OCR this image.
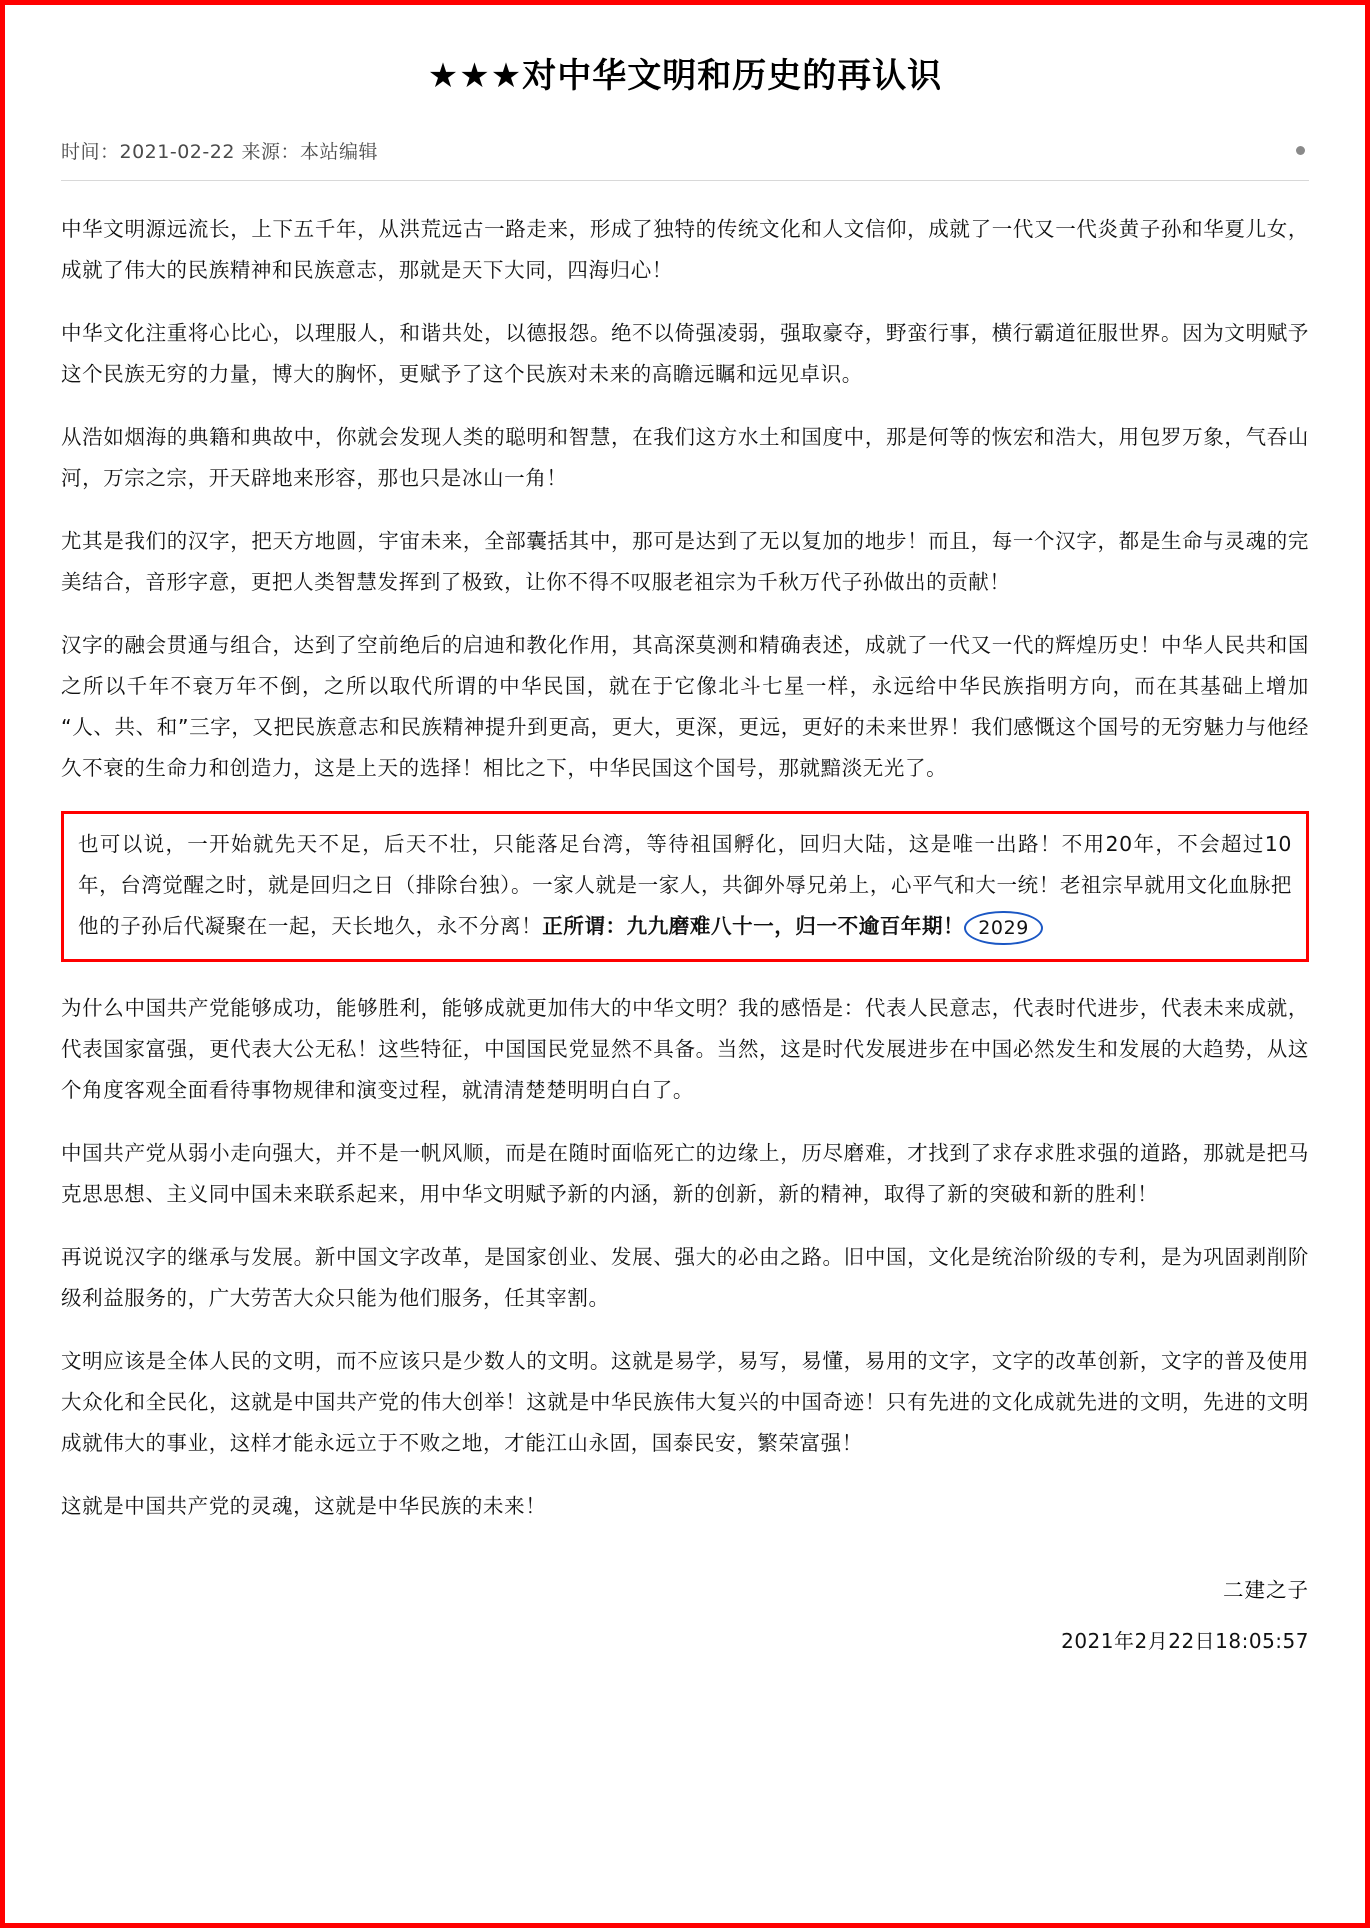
★★★对中华文明和历史的再认识
时间：2021-02-22 来源：本站编辑

中华文明源远流长，上下五千年，从洪荒远古一路走来，形成了独特的传统文化和人文信仰，成就了一代又一代炎黄子孙和华夏儿女，成就了伟大的民族精神和民族意志，那就是天下大同，四海归心！

中华文化注重将心比心，以理服人，和谐共处，以德报怨。绝不以倚强凌弱，强取豪夺，野蛮行事，横行霸道征服世界。因为文明赋予这个民族无穷的力量，博大的胸怀，更赋予了这个民族对未来的高瞻远瞩和远见卓识。

从浩如烟海的典籍和典故中，你就会发现人类的聪明和智慧，在我们这方水土和国度中，那是何等的恢宏和浩大，用包罗万象，气吞山河，万宗之宗，开天辟地来形容，那也只是冰山一角！

尤其是我们的汉字，把天方地圆，宇宙未来，全部囊括其中，那可是达到了无以复加的地步！而且，每一个汉字，都是生命与灵魂的完美结合，音形字意，更把人类智慧发挥到了极致，让你不得不叹服老祖宗为千秋万代子孙做出的贡献！

汉字的融会贯通与组合，达到了空前绝后的启迪和教化作用，其高深莫测和精确表述，成就了一代又一代的辉煌历史！中华人民共和国之所以千年不衰万年不倒，之所以取代所谓的中华民国，就在于它像北斗七星一样，永远给中华民族指明方向，而在其基础上增加“人、共、和”三字，又把民族意志和民族精神提升到更高，更大，更深，更远，更好的未来世界！我们感慨这个国号的无穷魅力与他经久不衰的生命力和创造力，这是上天的选择！相比之下，中华民国这个国号，那就黯淡无光了。

也可以说，一开始就先天不足，后天不壮，只能落足台湾，等待祖国孵化，回归大陆，这是唯一出路！不用20年，不会超过10年，台湾觉醒之时，就是回归之日（排除台独）。一家人就是一家人，共御外辱兄弟上，心平气和大一统！老祖宗早就用文化血脉把他的子孙后代凝聚在一起，天长地久，永不分离！正所谓：九九磨难八十一，归一不逾百年期！ 2029

为什么中国共产党能够成功，能够胜利，能够成就更加伟大的中华文明？我的感悟是：代表人民意志，代表时代进步，代表未来成就，代表国家富强，更代表大公无私！这些特征，中国国民党显然不具备。当然，这是时代发展进步在中国必然发生和发展的大趋势，从这个角度客观全面看待事物规律和演变过程，就清清楚楚明明白白了。

中国共产党从弱小走向强大，并不是一帆风顺，而是在随时面临死亡的边缘上，历尽磨难，才找到了求存求胜求强的道路，那就是把马克思思想、主义同中国未来联系起来，用中华文明赋予新的内涵，新的创新，新的精神，取得了新的突破和新的胜利！

再说说汉字的继承与发展。新中国文字改革，是国家创业、发展、强大的必由之路。旧中国，文化是统治阶级的专利，是为巩固剥削阶级利益服务的，广大劳苦大众只能为他们服务，任其宰割。

文明应该是全体人民的文明，而不应该只是少数人的文明。这就是易学，易写，易懂，易用的文字，文字的改革创新，文字的普及使用大众化和全民化，这就是中国共产党的伟大创举！这就是中华民族伟大复兴的中国奇迹！只有先进的文化成就先进的文明，先进的文明成就伟大的事业，这样才能永远立于不败之地，才能江山永固，国泰民安，繁荣富强！

这就是中国共产党的灵魂，这就是中华民族的未来！

二建之子
2021年2月22日18:05:57
